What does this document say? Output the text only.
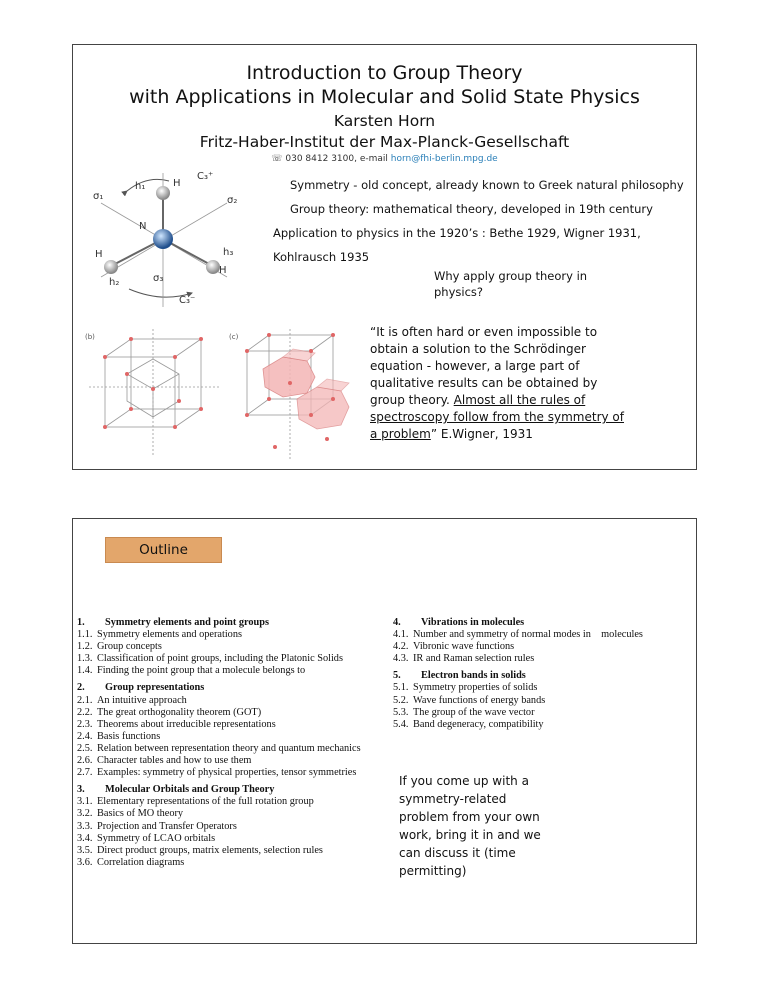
Introduction to Group Theory
with Applications in Molecular and Solid State Physics
Karsten Horn
Fritz-Haber-Institut der Max-Planck-Gesellschaft
☏ 030 8412 3100, e-mail horn@fhi-berlin.mpg.de
h₁	H
C₃⁺
σ₁	σ₂
N
H	h₃
H
h₂	σ₃
C₃⁻
Symmetry - old concept, already known to Greek natural philosophy
Group theory: mathematical theory, developed in 19th century
Application to physics in the 1920’s : Bethe 1929, Wigner 1931,
Kohlrausch 1935
Why apply group theory in
physics?
(b)	(c)	“It is often hard or even impossible to obtain a solution to the Schrödinger equation - however, a large part of qualitative results can be obtained by group theory. Almost all the rules of spectroscopy follow from the symmetry of a problem” E.Wigner, 1931
Outline
1. Symmetry elements and point groups
1.1. Symmetry elements and operations
1.2. Group concepts
1.3. Classification of point groups, including the Platonic Solids
1.4. Finding the point group that a molecule belongs to
2. Group representations
2.1. An intuitive approach
2.2. The great orthogonality theorem (GOT)
2.3. Theorems about irreducible representations
2.4. Basis functions
2.5. Relation between representation theory and quantum mechanics
2.6. Character tables and how to use them
2.7. Examples: symmetry of physical properties, tensor symmetries
3. Molecular Orbitals and Group Theory
3.1. Elementary representations of the full rotation group
3.2. Basics of MO theory
3.3. Projection and Transfer Operators
3.4. Symmetry of LCAO orbitals
3.5. Direct product groups, matrix elements, selection rules
3.6. Correlation diagrams
4. Vibrations in molecules
4.1. Number and symmetry of normal modes in    molecules
4.2. Vibronic wave functions
4.3. IR and Raman selection rules
5. Electron bands in solids
5.1. Symmetry properties of solids
5.2. Wave functions of energy bands
5.3. The group of the wave vector
5.4. Band degeneracy, compatibility
If you come up with a symmetry-related problem from your own work, bring it in and we can discuss it (time permitting)
